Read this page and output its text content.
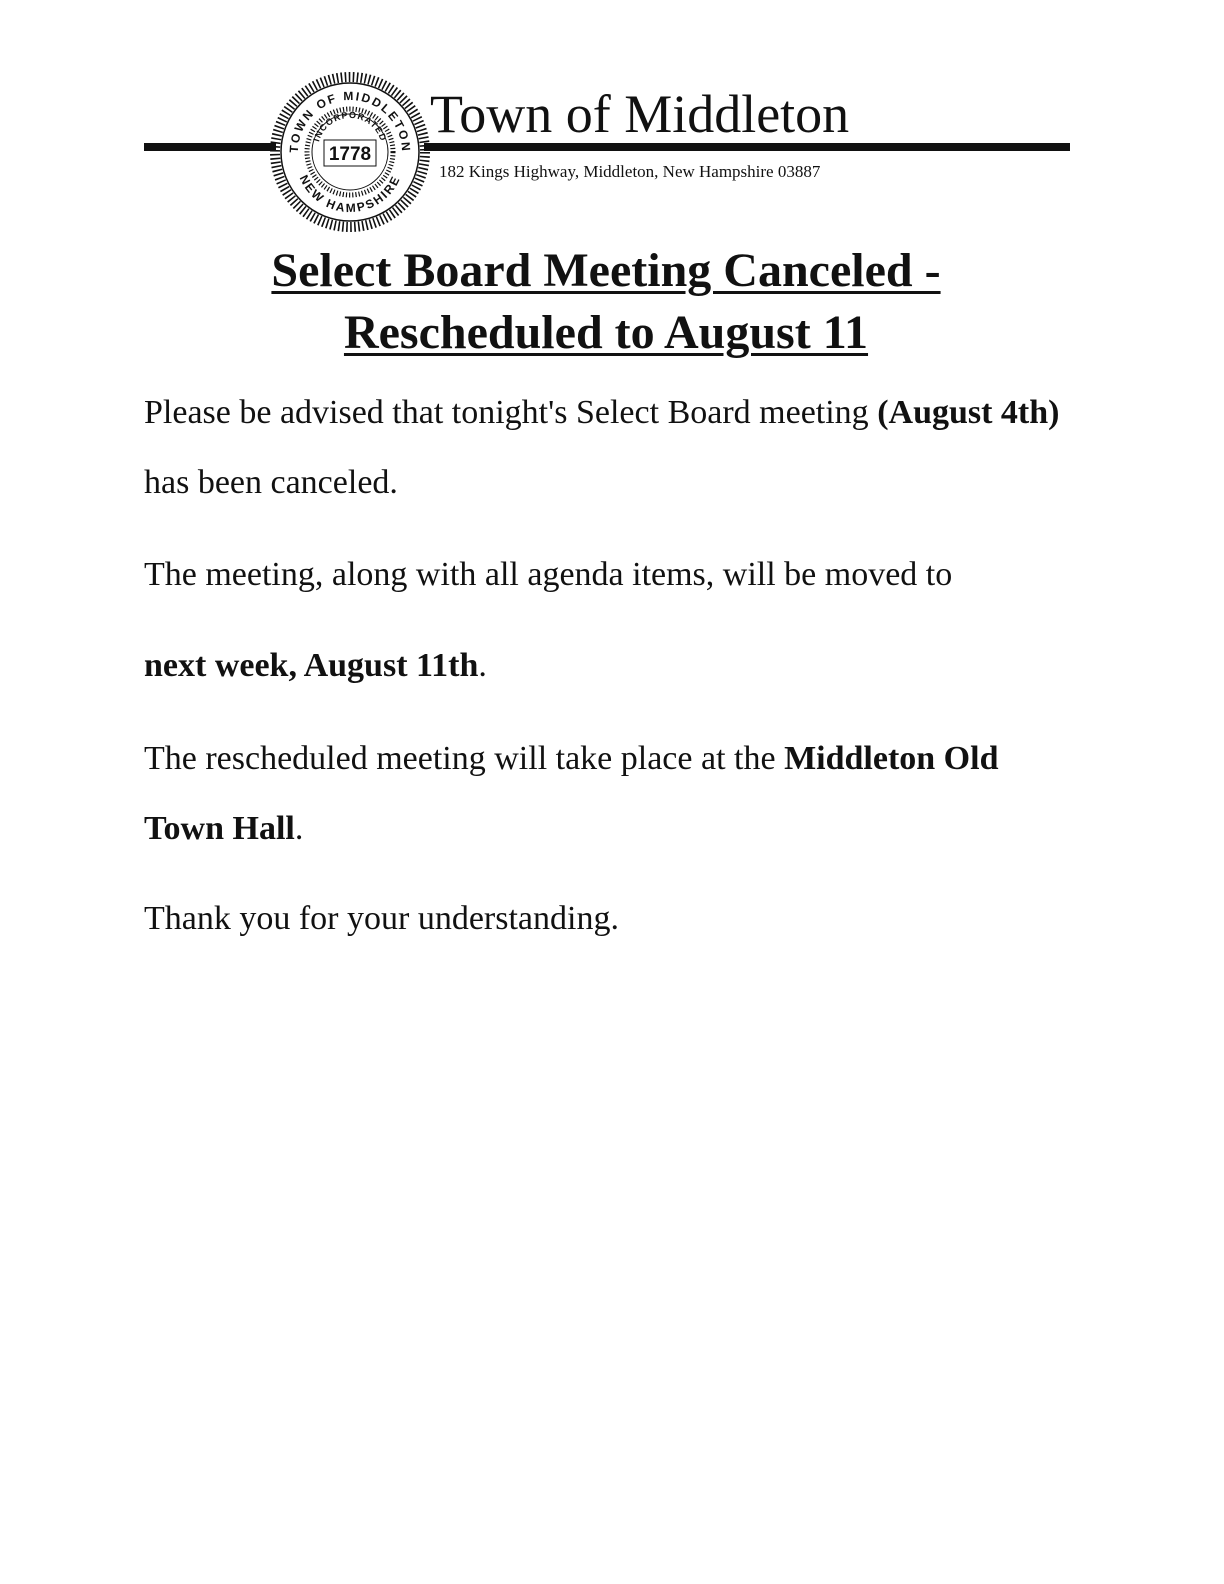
TOWN OF MIDDLETON
NEW HAMPSHIRE
INCORPORATED
1778
Town of Middleton
182 Kings Highway, Middleton, New Hampshire 03887
Select Board Meeting Canceled -
Rescheduled to August 11

Please be advised that tonight's Select Board meeting (August 4th) has been canceled.

The meeting, along with all agenda items, will be moved to

next week, August 11th.

The rescheduled meeting will take place at the Middleton Old Town Hall.

Thank you for your understanding.
